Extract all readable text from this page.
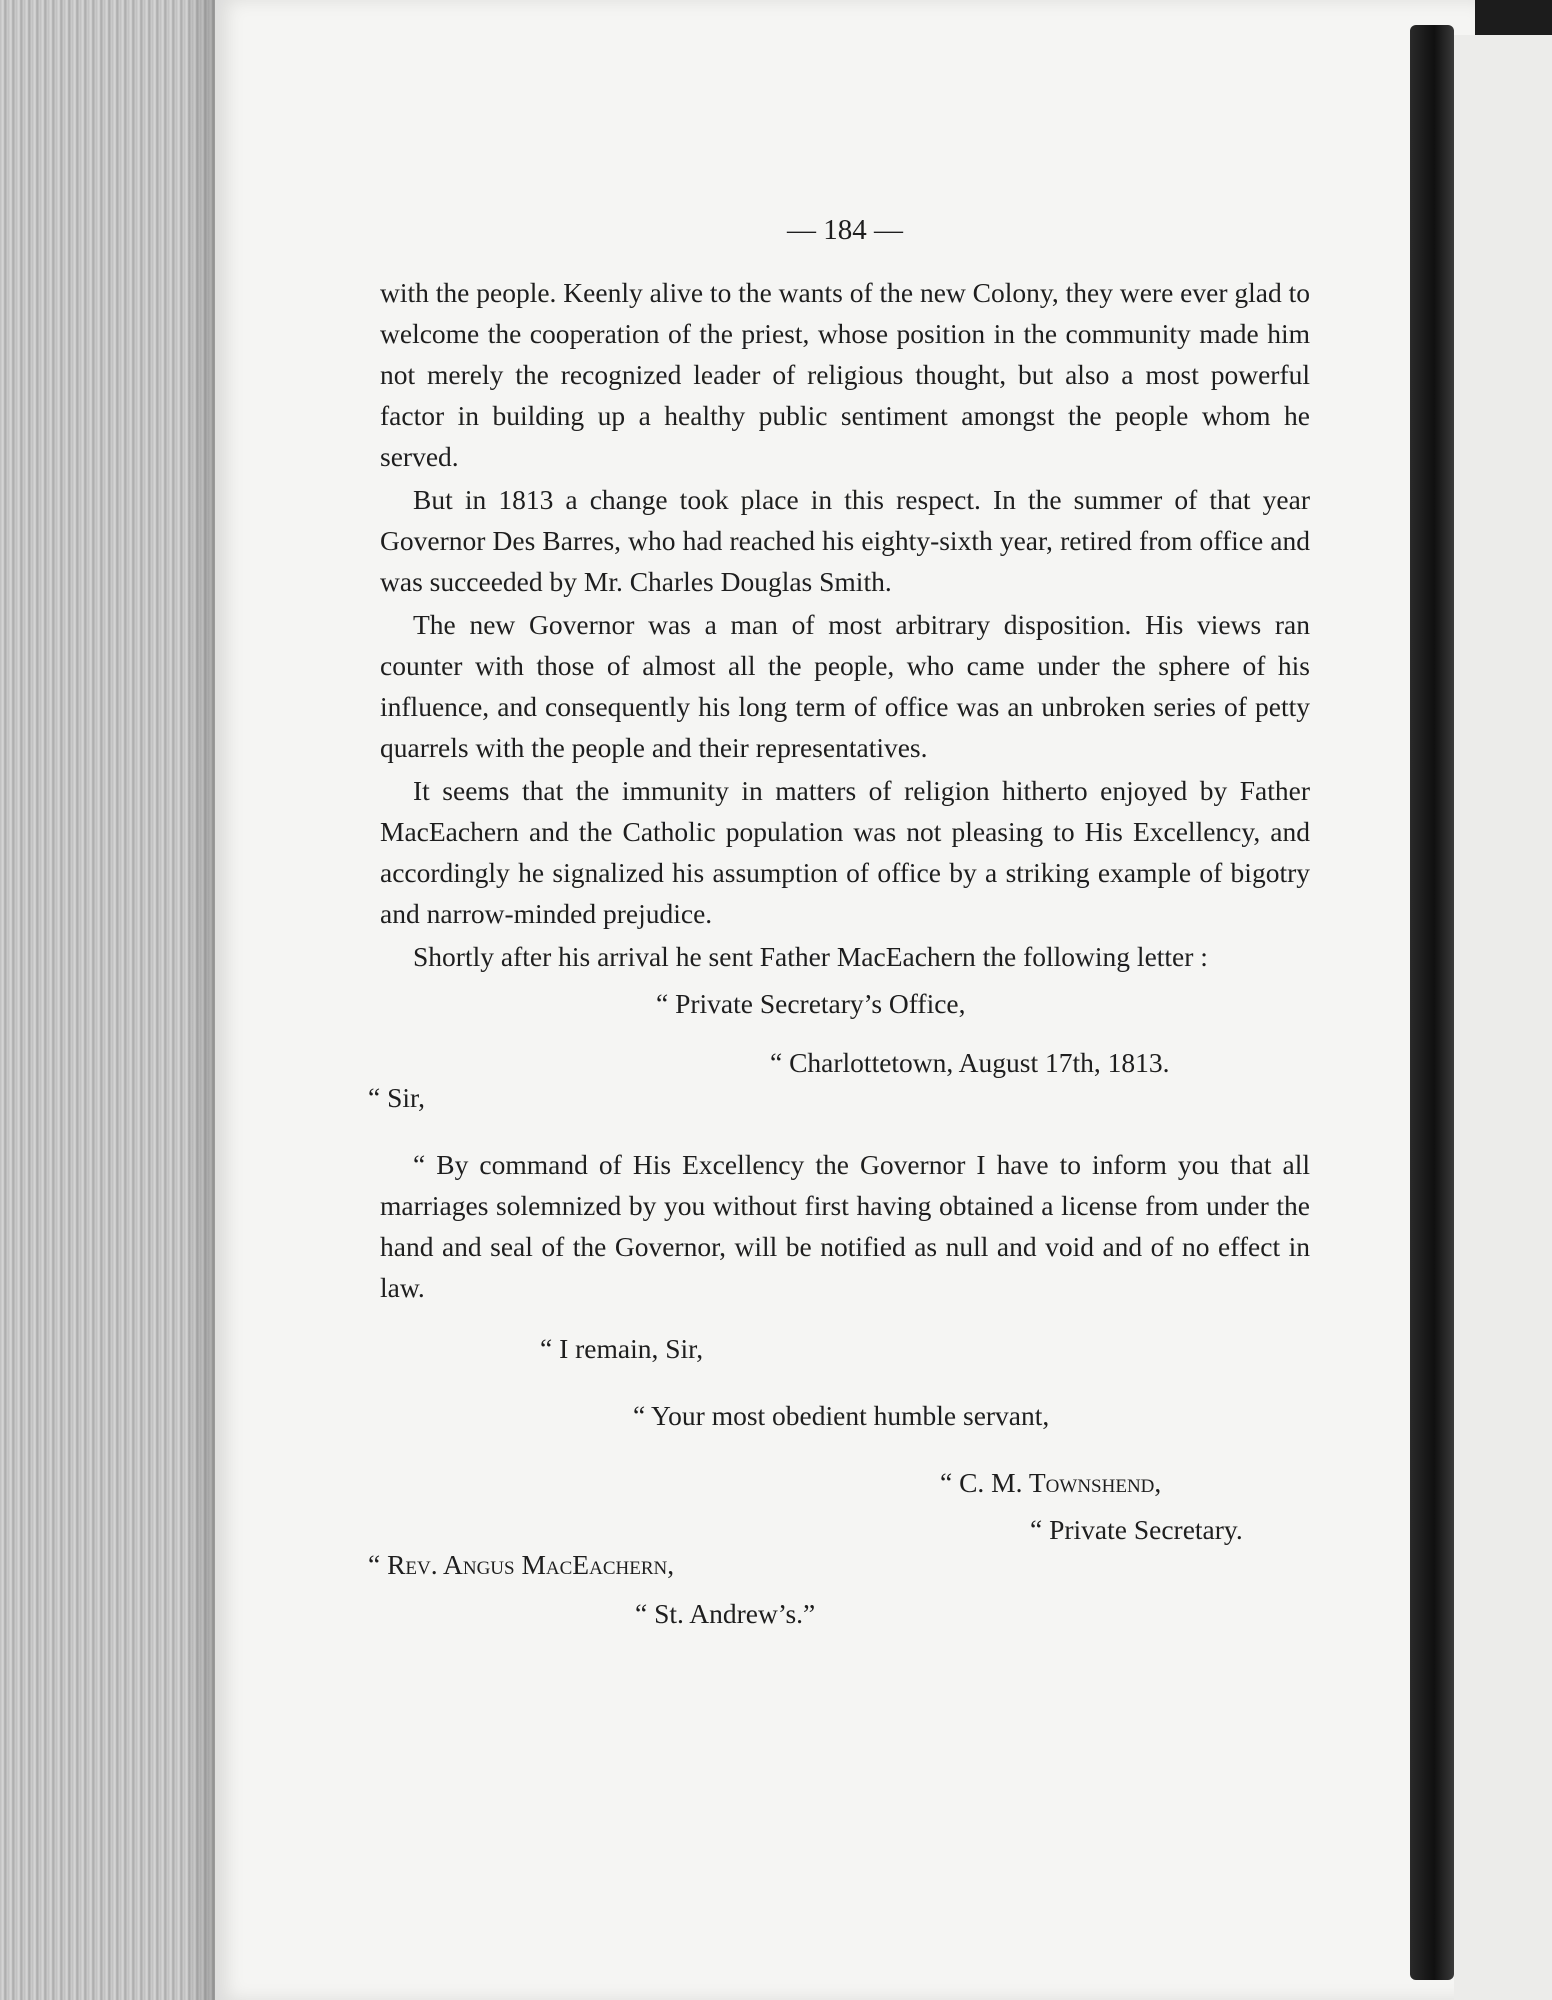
— 184 —

with the people. Keenly alive to the wants of the new Colony, they were ever glad to welcome the cooperation of the priest, whose position in the community made him not merely the recognized leader of religious thought, but also a most powerful factor in building up a healthy public sentiment amongst the people whom he served.

But in 1813 a change took place in this respect. In the summer of that year Governor Des Barres, who had reached his eighty-sixth year, retired from office and was succeeded by Mr. Charles Douglas Smith.

The new Governor was a man of most arbitrary disposition. His views ran counter with those of almost all the people, who came under the sphere of his influence, and consequently his long term of office was an unbroken series of petty quarrels with the people and their representatives.

It seems that the immunity in matters of religion hitherto enjoyed by Father MacEachern and the Catholic population was not pleasing to His Excellency, and accordingly he signalized his assumption of office by a striking example of bigotry and narrow-minded prejudice.

Shortly after his arrival he sent Father MacEachern the following letter :

“ Private Secretary’s Office,
“ Charlottetown, August 17th, 1813.
“ Sir,

“ By command of His Excellency the Governor I have to inform you that all marriages solemnized by you without first having obtained a license from under the hand and seal of the Governor, will be notified as null and void and of no effect in law.

“ I remain, Sir,
“ Your most obedient humble servant,
“ C. M. Townshend,
“ Private Secretary.
“ Rev. Angus MacEachern,
“ St. Andrew’s.”
